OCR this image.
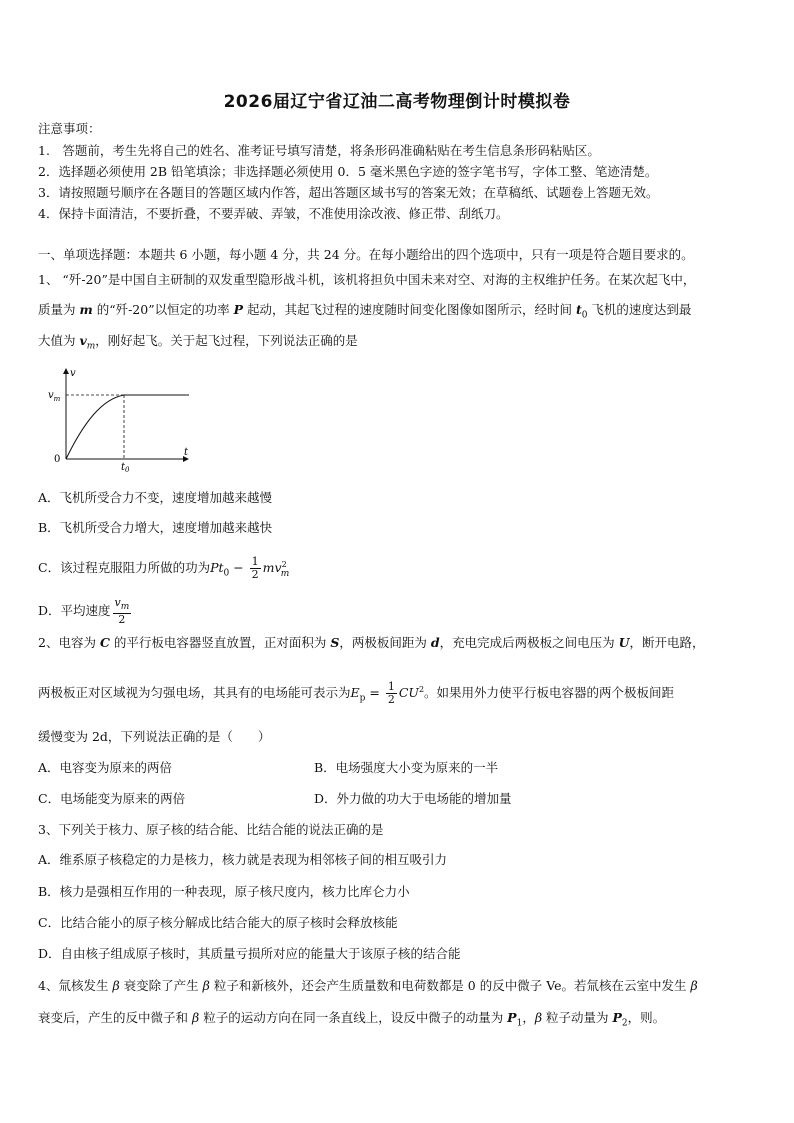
2026届辽宁省辽油二高考物理倒计时模拟卷
注意事项：
1.　答题前，考生先将自己的姓名、准考证号填写清楚，将条形码准确粘贴在考生信息条形码粘贴区。
2．选择题必须使用 2B 铅笔填涂；非选择题必须使用 0．5 毫米黑色字迹的签字笔书写，字体工整、笔迹清楚。
3．请按照题号顺序在各题目的答题区域内作答，超出答题区域书写的答案无效；在草稿纸、试题卷上答题无效。
4．保持卡面清洁，不要折叠，不要弄破、弄皱，不准使用涂改液、修正带、刮纸刀。
一、单项选择题：本题共 6 小题，每小题 4 分，共 24 分。在每小题给出的四个选项中，只有一项是符合题目要求的。
1、 “歼-20”是中国自主研制的双发重型隐形战斗机，该机将担负中国未来对空、对海的主权维护任务。在某次起飞中，
质量为 m 的“歼-20”以恒定的功率 P 起动，其起飞过程的速度随时间变化图像如图所示，经时间 $t_0$ 飞机的速度达到最
大值为 $v_m$，刚好起飞。关于起飞过程，下列说法正确的是
v
t
$v_m$
0
$t_0$
A．飞机所受合力不变，速度增加越来越慢
B．飞机所受合力增大，速度增加越来越快
C．该过程克服阻力所做的功为$Pt_0 - \frac{1}{2} mv^2_m$
D．平均速度 $\frac{v_m}{2}$
2、电容为 C 的平行板电容器竖直放置，正对面积为 S，两极板间距为 d，充电完成后两极板之间电压为 U，断开电路，
两极板正对区域视为匀强电场，其具有的电场能可表示为$E_p = \frac{1}{2} CU^2$。如果用外力使平行板电容器的两个极板间距
缓慢变为 2d，下列说法正确的是（　　）
A．电容变为原来的两倍	B．电场强度大小变为原来的一半
C．电场能变为原来的两倍	D．外力做的功大于电场能的增加量
3、下列关于核力、原子核的结合能、比结合能的说法正确的是
A．维系原子核稳定的力是核力，核力就是表现为相邻核子间的相互吸引力
B．核力是强相互作用的一种表现，原子核尺度内，核力比库仑力小
C．比结合能小的原子核分解成比结合能大的原子核时会释放核能
D．自由核子组成原子核时，其质量亏损所对应的能量大于该原子核的结合能
4、氚核发生 β 衰变除了产生 β 粒子和新核外，还会产生质量数和电荷数都是 0 的反中微子 Ve。若氚核在云室中发生 β
衰变后，产生的反中微子和 β 粒子的运动方向在同一条直线上，设反中微子的动量为 $P_1$，β 粒子动量为 $P_2$，则。
